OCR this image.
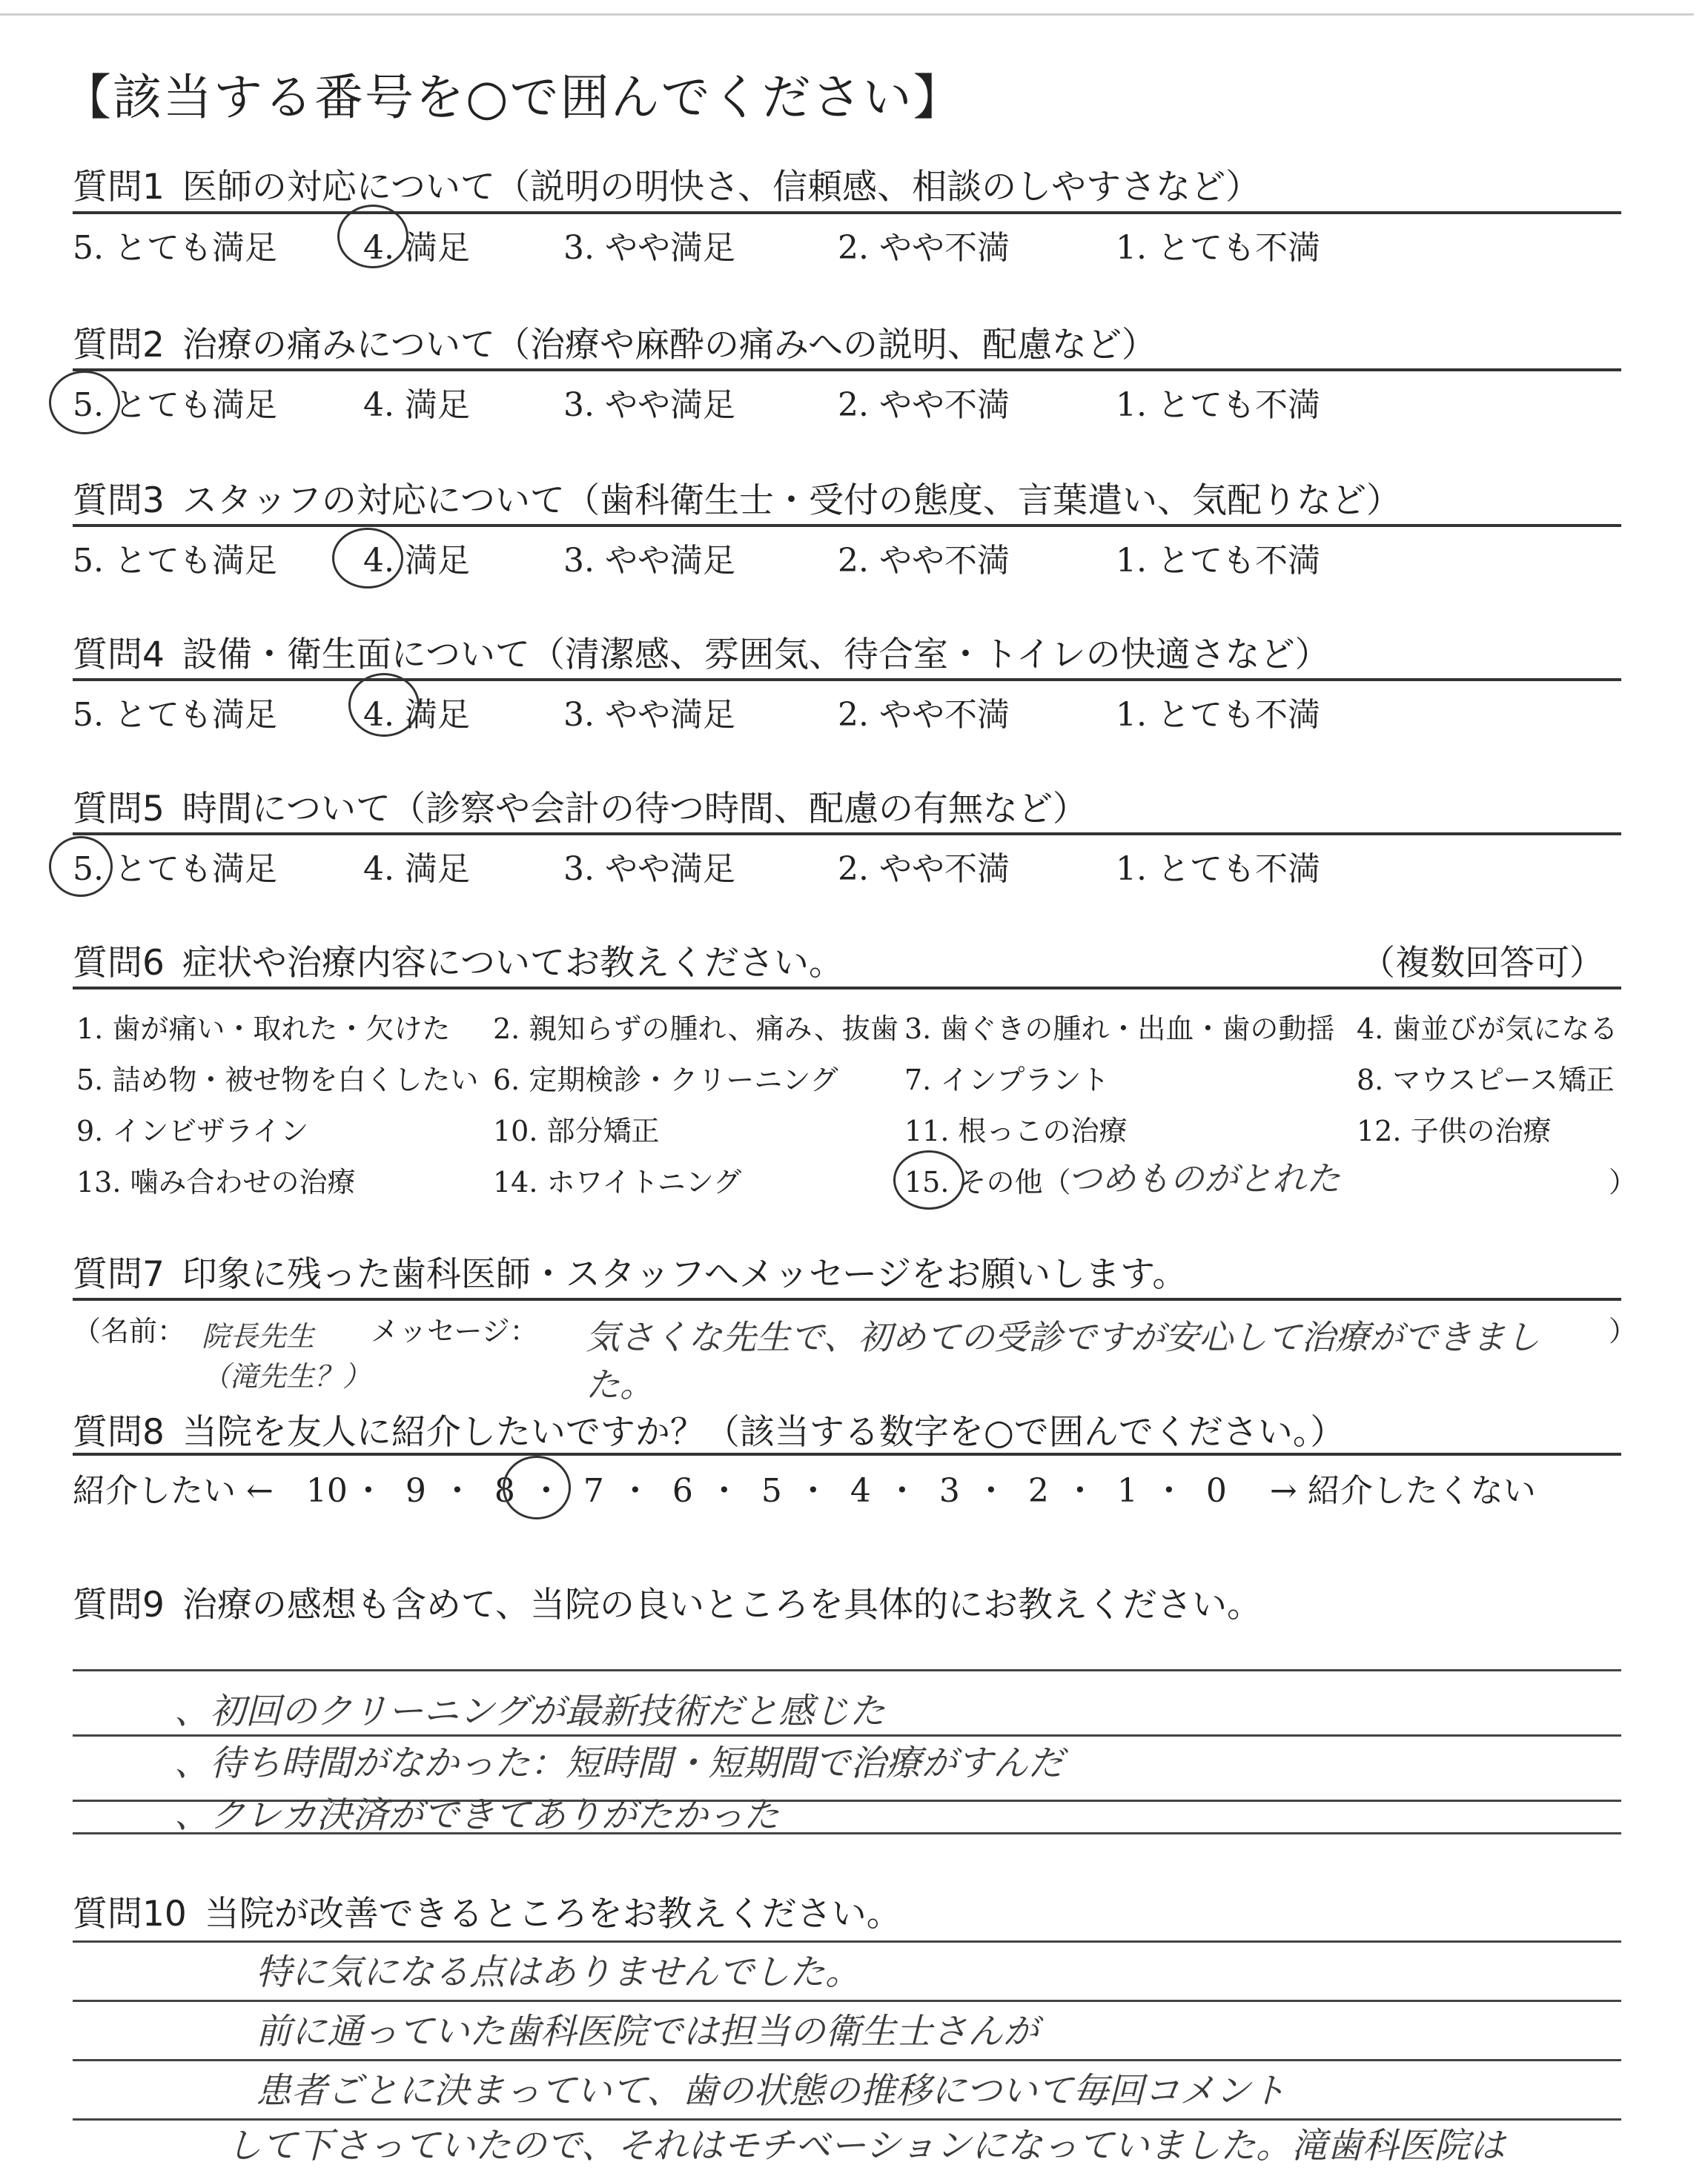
【該当する番号を○で囲んでください】
質問1 医師の対応について（説明の明快さ、信頼感、相談のしやすさなど）
5. とても満足	4. 満足	3. やや満足	2. やや不満	1. とても不満
質問2 治療の痛みについて（治療や麻酔の痛みへの説明、配慮など）
5. とても満足	4. 満足	3. やや満足	2. やや不満	1. とても不満
質問3 スタッフの対応について（歯科衛生士・受付の態度、言葉遣い、気配りなど）
5. とても満足	4. 満足	3. やや満足	2. やや不満	1. とても不満
質問4 設備・衛生面について（清潔感、雰囲気、待合室・トイレの快適さなど）
5. とても満足	4. 満足	3. やや満足	2. やや不満	1. とても不満
質問5 時間について（診察や会計の待つ時間、配慮の有無など）
5. とても満足	4. 満足	3. やや満足	2. やや不満	1. とても不満
質問6 症状や治療内容についてお教えください。	（複数回答可）
1. 歯が痛い・取れた・欠けた 2. 親知らずの腫れ、痛み、抜歯 3. 歯ぐきの腫れ・出血・歯の動揺 4. 歯並びが気になる
5. 詰め物・被せ物を白くしたい 6. 定期検診・クリーニング 7. インプラント	8. マウスピース矯正
9. インビザライン	10. 部分矯正	11. 根っこの治療	12. 子供の治療
13. 噛み合わせの治療	14. ホワイトニング	15. その他（
つめものがとれた	）
質問7 印象に残った歯科医師・スタッフへメッセージをお願いします。
（名前： 院長先生
（滝先生？）
メッセージ： 気さくな先生で、初めての受診ですが安心して治療ができました。
）
質問8 当院を友人に紹介したいですか？（該当する数字を○で囲んでください。）
紹介したい ← 10 ・ 9 ・ 8 ・ 7 ・ 6 ・ 5 ・ 4 ・ 3 ・ 2 ・ 1 ・ 0 → 紹介したくない
質問9 治療の感想も含めて、当院の良いところを具体的にお教えください。
、初回のクリーニングが最新技術だと感じた
、待ち時間がなかった：短時間・短期間で治療がすんだ
、クレカ決済ができてありがたかった
質問10 当院が改善できるところをお教えください。
特に気になる点はありませんでした。
前に通っていた歯科医院では担当の衛生士さんが
患者ごとに決まっていて、歯の状態の推移について毎回コメント
して下さっていたので、それはモチベーションになっていました。滝歯科医院は
